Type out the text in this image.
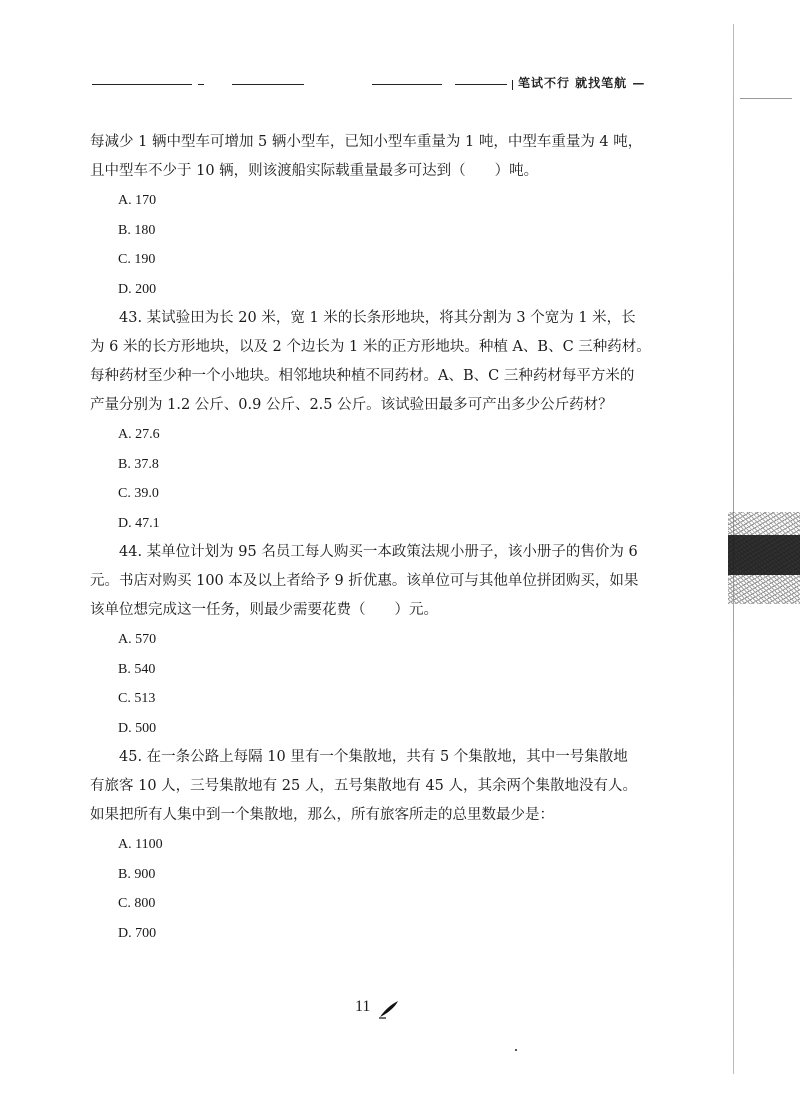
笔试不行 就找笔航 —

每减少 1 辆中型车可增加 5 辆小型车，已知小型车重量为 1 吨，中型车重量为 4 吨，

且中型车不少于 10 辆，则该渡船实际载重量最多可达到（　　）吨。

A. 170

B. 180

C. 190

D. 200

43. 某试验田为长 20 米，宽 1 米的长条形地块，将其分割为 3 个宽为 1 米，长

为 6 米的长方形地块，以及 2 个边长为 1 米的正方形地块。种植 A、B、C 三种药材。

每种药材至少种一个小地块。相邻地块种植不同药材。A、B、C 三种药材每平方米的

产量分别为 1.2 公斤、0.9 公斤、2.5 公斤。该试验田最多可产出多少公斤药材？

A. 27.6

B. 37.8

C. 39.0

D. 47.1

44. 某单位计划为 95 名员工每人购买一本政策法规小册子，该小册子的售价为 6

元。书店对购买 100 本及以上者给予 9 折优惠。该单位可与其他单位拼团购买，如果

该单位想完成这一任务，则最少需要花费（　　）元。

A. 570

B. 540

C. 513

D. 500

45. 在一条公路上每隔 10 里有一个集散地，共有 5 个集散地，其中一号集散地

有旅客 10 人，三号集散地有 25 人，五号集散地有 45 人，其余两个集散地没有人。

如果把所有人集中到一个集散地，那么，所有旅客所走的总里数最少是：

A. 1100

B. 900

C. 800

D. 700

11
